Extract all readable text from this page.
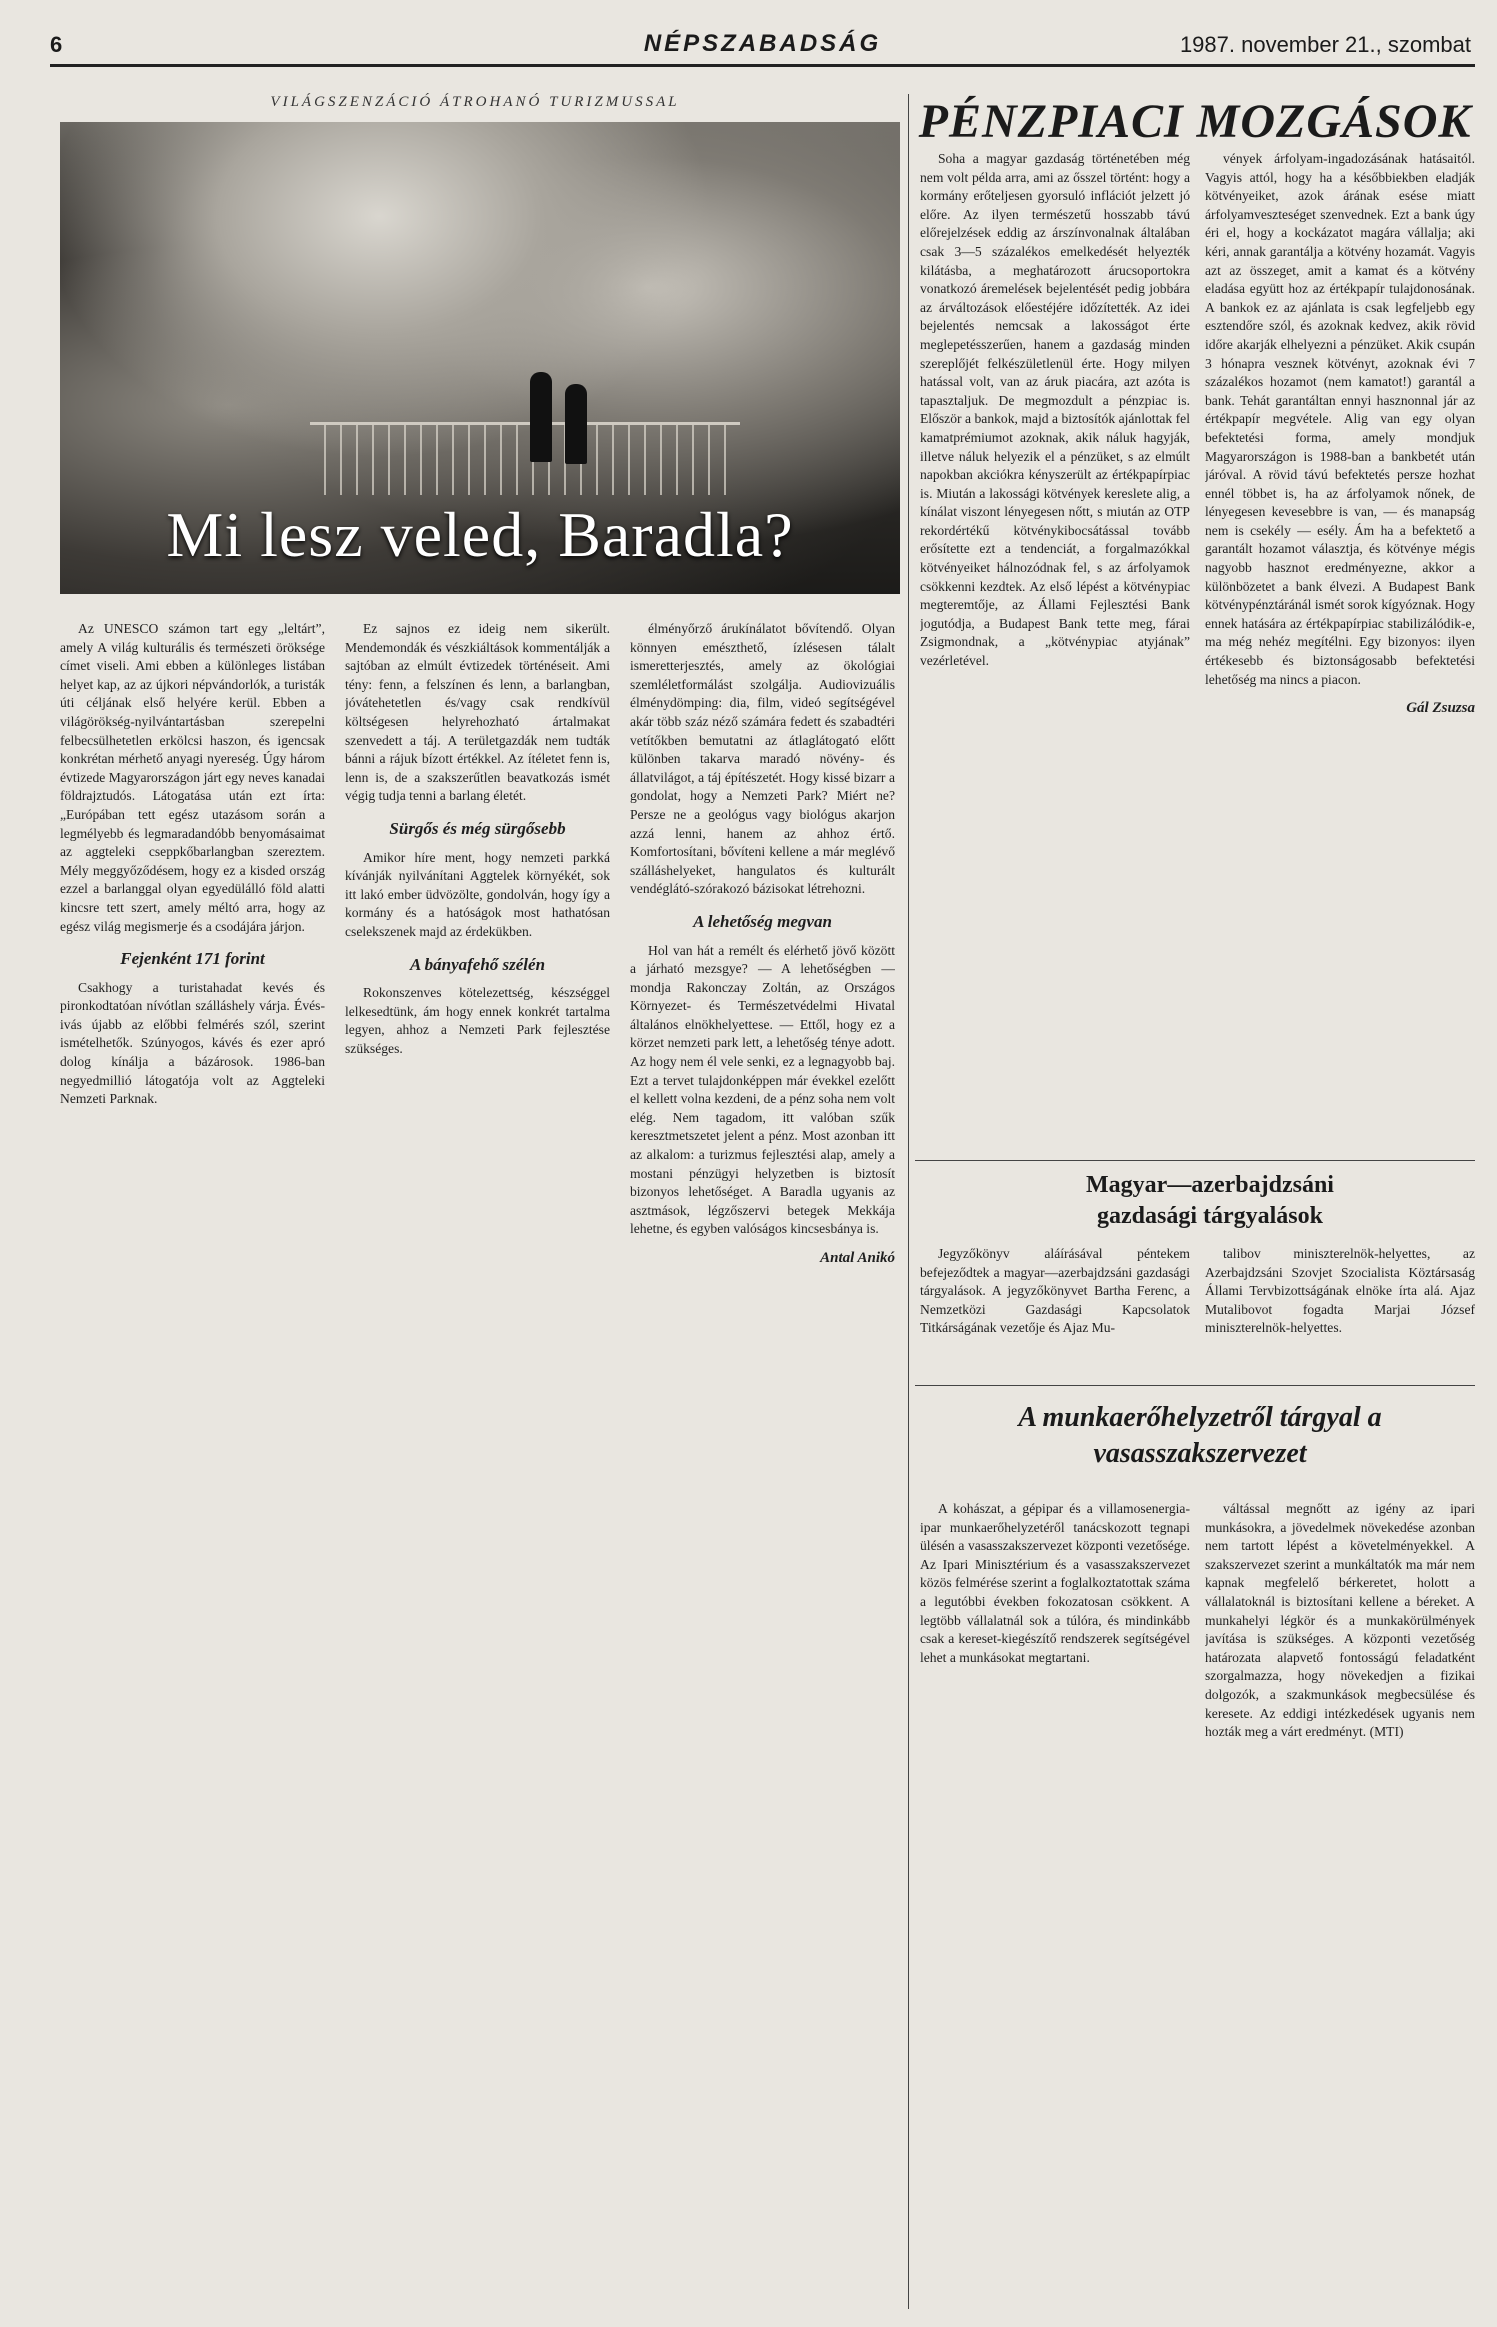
6	NÉPSZABADSÁG	1987. november 21., szombat
VILÁGSZENZÁCIÓ ÁTROHANÓ TURIZMUSSAL
Mi lesz veled, Baradla?

Az UNESCO számon tart egy „leltárt”, amely A világ kulturális és természeti öröksége címet viseli. Ami ebben a különleges listában helyet kap, az az újkori népvándorlók, a turisták úti céljának első helyére kerül. Ebben a világörökség-nyilvántartásban szerepelni felbecsülhetetlen erkölcsi haszon, és igencsak konkrétan mérhető anyagi nyereség. Úgy három évtizede Magyarországon járt egy neves kanadai földrajztudós. Látogatása után ezt írta: „Európában tett egész utazásom során a legmélyebb és legmaradandóbb benyomásaimat az aggteleki cseppkőbarlangban szereztem. Mély meggyőződésem, hogy ez a kisded ország ezzel a barlanggal olyan egyedülálló föld alatti kincsre tett szert, amely méltó arra, hogy az egész világ megismerje és a csodájára járjon.

Fejenként 171 forint

Csakhogy a turistahadat kevés és pironkodtatóan nívótlan szálláshely várja. Évés-ivás újabb az előbbi felmérés szól, szerint ismételhetők. Szúnyogos, kávés és ezer apró dolog kínálja a bázárosok. 1986-ban negyedmillió látogatója volt az Aggteleki Nemzeti Parknak.

Ez sajnos ez ideig nem sikerült. Mendemondák és vészkiáltások kommentálják a sajtóban az elmúlt évtizedek történéseit. Ami tény: fenn, a felszínen és lenn, a barlangban, jóvátehetetlen és/vagy csak rendkívül költségesen helyrehozható ártalmakat szenvedett a táj. A területgazdák nem tudták bánni a rájuk bízott értékkel. Az ítéletet fenn is, lenn is, de a szakszerűtlen beavatkozás ismét végig tudja tenni a barlang életét.

Sürgős és még sürgősebb

Amikor híre ment, hogy nemzeti parkká kívánják nyilvánítani Aggtelek környékét, sok itt lakó ember üdvözölte, gondolván, hogy így a kormány és a hatóságok most hathatósan cselekszenek majd az érdekükben.

A bányafehő szélén

Rokonszenves kötelezettség, készséggel lelkesedtünk, ám hogy ennek konkrét tartalma legyen, ahhoz a Nemzeti Park fejlesztése szükséges.

élményőrző árukínálatot bővítendő. Olyan könnyen emészthető, ízlésesen tálalt ismeretterjesztés, amely az ökológiai szemléletformálást szolgálja. Audiovizuális élménydömping: dia, film, videó segítségével akár több száz néző számára fedett és szabadtéri vetítőkben bemutatni az átlaglátogató előtt különben takarva maradó növény- és állatvilágot, a táj építészetét. Hogy kissé bizarr a gondolat, hogy a Nemzeti Park? Miért ne? Persze ne a geológus vagy biológus akarjon azzá lenni, hanem az ahhoz értő. Komfortosítani, bővíteni kellene a már meglévő szálláshelyeket, hangulatos és kulturált vendéglátó-szórakozó bázisokat létrehozni.

A lehetőség megvan

Hol van hát a remélt és elérhető jövő között a járható mezsgye? — A lehetőségben — mondja Rakonczay Zoltán, az Országos Környezet- és Természetvédelmi Hivatal általános elnökhelyettese. — Ettől, hogy ez a körzet nemzeti park lett, a lehetőség ténye adott. Az hogy nem él vele senki, ez a legnagyobb baj. Ezt a tervet tulajdonképpen már évekkel ezelőtt el kellett volna kezdeni, de a pénz soha nem volt elég. Nem tagadom, itt valóban szűk keresztmetszetet jelent a pénz. Most azonban itt az alkalom: a turizmus fejlesztési alap, amely a mostani pénzügyi helyzetben is biztosít bizonyos lehetőséget. A Baradla ugyanis az asztmások, légzőszervi betegek Mekkája lehetne, és egyben valóságos kincsesbánya is.

Antal Anikó
PÉNZPIACI MOZGÁSOK

Soha a magyar gazdaság történetében még nem volt példa arra, ami az ősszel történt: hogy a kormány erőteljesen gyorsuló inflációt jelzett jó előre. Az ilyen természetű hosszabb távú előrejelzések eddig az árszínvonalnak általában csak 3—5 százalékos emelkedését helyezték kilátásba, a meghatározott árucsoportokra vonatkozó áremelések bejelentését pedig jobbára az árváltozások előestéjére időzítették. Az idei bejelentés nemcsak a lakosságot érte meglepetésszerűen, hanem a gazdaság minden szereplőjét felkészületlenül érte. Hogy milyen hatással volt, van az áruk piacára, azt azóta is tapasztaljuk. De megmozdult a pénzpiac is. Először a bankok, majd a biztosítók ajánlottak fel kamatprémiumot azoknak, akik náluk hagyják, illetve náluk helyezik el a pénzüket, s az elmúlt napokban akciókra kényszerült az értékpapírpiac is. Miután a lakossági kötvények kereslete alig, a kínálat viszont lényegesen nőtt, s miután az OTP rekordértékű kötvénykibocsátással tovább erősítette ezt a tendenciát, a forgalmazókkal kötvényeiket hálnozódnak fel, s az árfolyamok csökkenni kezdtek. Az első lépést a kötvénypiac megteremtője, az Állami Fejlesztési Bank jogutódja, a Budapest Bank tette meg, fárai Zsigmondnak, a „kötvénypiac atyjának” vezérletével.

vények árfolyam-ingadozásának hatásaitól. Vagyis attól, hogy ha a későbbiekben eladják kötvényeiket, azok árának esése miatt árfolyamveszteséget szenvednek. Ezt a bank úgy éri el, hogy a kockázatot magára vállalja; aki kéri, annak garantálja a kötvény hozamát. Vagyis azt az összeget, amit a kamat és a kötvény eladása együtt hoz az értékpapír tulajdonosának. A bankok ez az ajánlata is csak legfeljebb egy esztendőre szól, és azoknak kedvez, akik rövid időre akarják elhelyezni a pénzüket. Akik csupán 3 hónapra vesznek kötvényt, azoknak évi 7 százalékos hozamot (nem kamatot!) garantál a bank. Tehát garantáltan ennyi hasznonnal jár az értékpapír megvétele. Alig van egy olyan befektetési forma, amely mondjuk Magyarországon is 1988-ban a bankbetét után járóval. A rövid távú befektetés persze hozhat ennél többet is, ha az árfolyamok nőnek, de lényegesen kevesebbre is van, — és manapság nem is csekély — esély. Ám ha a befektető a garantált hozamot választja, és kötvénye mégis nagyobb hasznot eredményezne, akkor a különbözetet a bank élvezi. A Budapest Bank kötvénypénztáránál ismét sorok kígyóznak. Hogy ennek hatására az értékpapírpiac stabilizálódik-e, ma még nehéz megítélni. Egy bizonyos: ilyen értékesebb és biztonságosabb befektetési lehetőség ma nincs a piacon.

Gál Zsuzsa
Magyar—azerbajdzsáni gazdasági tárgyalások

Jegyzőkönyv aláírásával péntekem befejeződtek a magyar—azerbajdzsáni gazdasági tárgyalások. A jegyzőkönyvet Bartha Ferenc, a Nemzetközi Gazdasági Kapcsolatok Titkárságának vezetője és Ajaz Mu-

talibov miniszterelnök-helyettes, az Azerbajdzsáni Szovjet Szocialista Köztársaság Állami Tervbizottságának elnöke írta alá. Ajaz Mutalibovot fogadta Marjai József miniszterelnök-helyettes.

A munkaerőhelyzetről tárgyal a vasasszakszervezet

A kohászat, a gépipar és a villamosenergia-ipar munkaerőhelyzetéről tanácskozott tegnapi ülésén a vasasszakszervezet központi vezetősége. Az Ipari Minisztérium és a vasasszakszervezet közös felmérése szerint a foglalkoztatottak száma a legutóbbi években fokozatosan csökkent. A legtöbb vállalatnál sok a túlóra, és mindinkább csak a kereset-kiegészítő rendszerek segítségével lehet a munkásokat megtartani.

váltással megnőtt az igény az ipari munkásokra, a jövedelmek növekedése azonban nem tartott lépést a követelményekkel. A szakszervezet szerint a munkáltatók ma már nem kapnak megfelelő bérkeretet, holott a vállalatoknál is biztosítani kellene a béreket. A munkahelyi légkör és a munkakörülmények javítása is szükséges. A központi vezetőség határozata alapvető fontosságú feladatként szorgalmazza, hogy növekedjen a fizikai dolgozók, a szakmunkások megbecsülése és keresete. Az eddigi intézkedések ugyanis nem hozták meg a várt eredményt. (MTI)
